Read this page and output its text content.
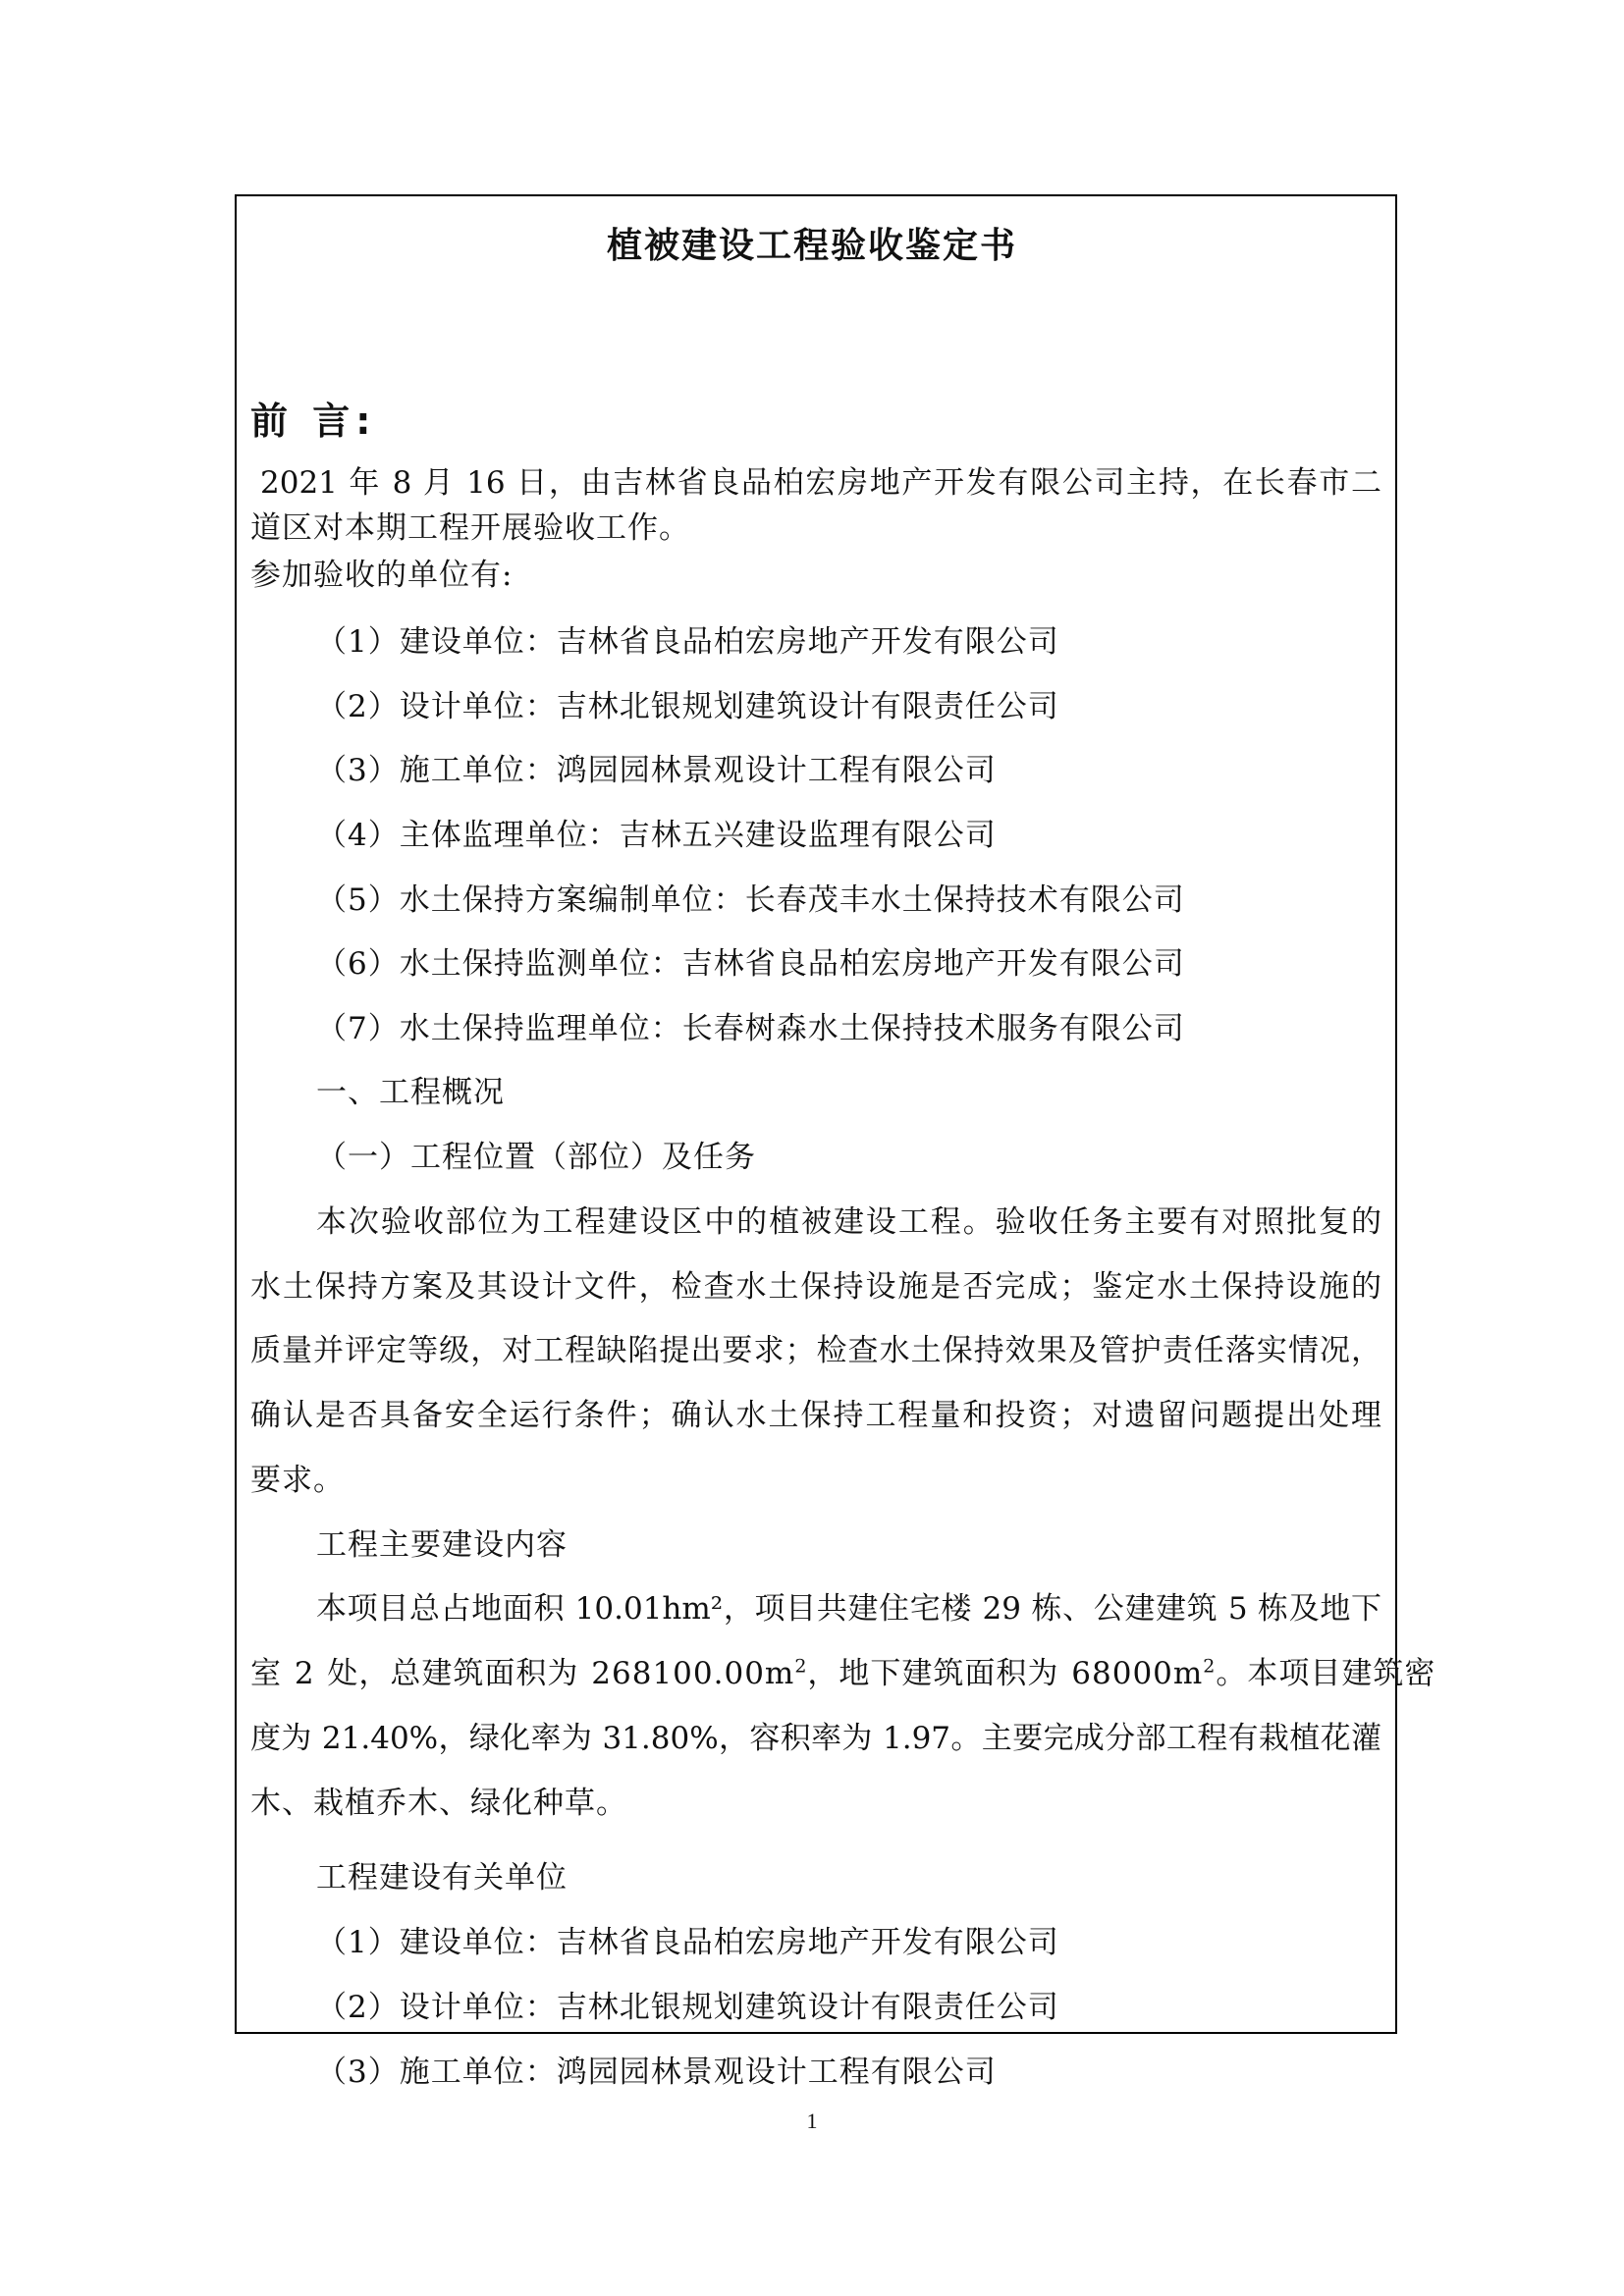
植被建设工程验收鉴定书
前 言:
2021 年 8 月 16 日，由吉林省良品柏宏房地产开发有限公司主持，在长春市二
道区对本期工程开展验收工作。
参加验收的单位有:
（1）建设单位：吉林省良品柏宏房地产开发有限公司
（2）设计单位：吉林北银规划建筑设计有限责任公司
（3）施工单位：鸿园园林景观设计工程有限公司
（4）主体监理单位：吉林五兴建设监理有限公司
（5）水土保持方案编制单位：长春茂丰水土保持技术有限公司
（6）水土保持监测单位：吉林省良品柏宏房地产开发有限公司
（7）水土保持监理单位：长春树森水土保持技术服务有限公司
一、工程概况
（一）工程位置（部位）及任务
本次验收部位为工程建设区中的植被建设工程。验收任务主要有对照批复的
水土保持方案及其设计文件，检查水土保持设施是否完成；鉴定水土保持设施的
质量并评定等级，对工程缺陷提出要求；检查水土保持效果及管护责任落实情况，
确认是否具备安全运行条件；确认水土保持工程量和投资；对遗留问题提出处理
要求。
工程主要建设内容
本项目总占地面积 10.01hm²，项目共建住宅楼 29 栋、公建建筑 5 栋及地下
室 2 处，总建筑面积为 $268100.00m^2$，地下建筑面积为 $68000m^2$。本项目建筑密
度为 21.40%，绿化率为 31.80%，容积率为 1.97。主要完成分部工程有栽植花灌
木、栽植乔木、绿化种草。
工程建设有关单位
（1）建设单位：吉林省良品柏宏房地产开发有限公司
（2）设计单位：吉林北银规划建筑设计有限责任公司
（3）施工单位：鸿园园林景观设计工程有限公司
1
